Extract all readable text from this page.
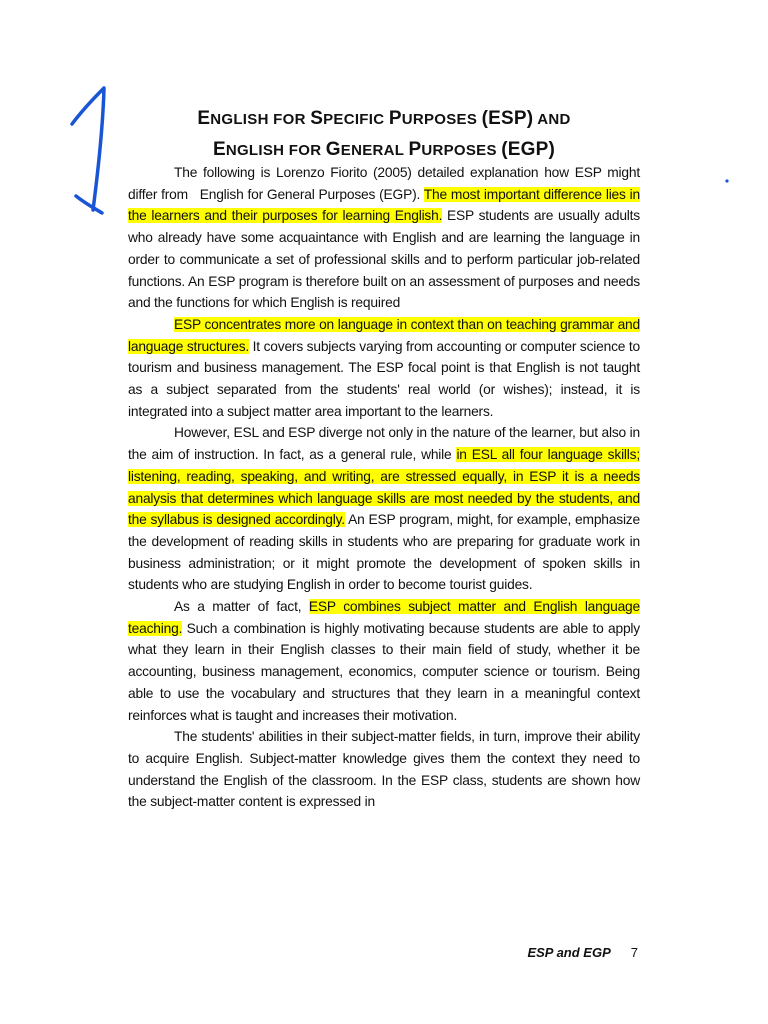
ENGLISH FOR SPECIFIC PURPOSES (ESP) AND
ENGLISH FOR GENERAL PURPOSES (EGP)

The following is Lorenzo Fiorito (2005) detailed explanation how ESP might differ from   English for General Purposes (EGP). The most important difference lies in the learners and their purposes for learning English. ESP students are usually adults who already have some acquaintance with English and are learning the language in order to communicate a set of professional skills and to perform particular job-related functions. An ESP program is therefore built on an assessment of purposes and needs and the functions for which English is required

ESP concentrates more on language in context than on teaching grammar and language structures. It covers subjects varying from accounting or computer science to tourism and business management. The ESP focal point is that English is not taught as a subject separated from the students' real world (or wishes); instead, it is integrated into a subject matter area important to the learners.

However, ESL and ESP diverge not only in the nature of the learner, but also in the aim of instruction. In fact, as a general rule, while in ESL all four language skills; listening, reading, speaking, and writing, are stressed equally, in ESP it is a needs analysis that determines which language skills are most needed by the students, and the syllabus is designed accordingly. An ESP program, might, for example, emphasize the development of reading skills in students who are preparing for graduate work in business administration; or it might promote the development of spoken skills in students who are studying English in order to become tourist guides.

As a matter of fact, ESP combines subject matter and English language teaching. Such a combination is highly motivating because students are able to apply what they learn in their English classes to their main field of study, whether it be accounting, business management, economics, computer science or tourism. Being able to use the vocabulary and structures that they learn in a meaningful context reinforces what is taught and increases their motivation.

The students' abilities in their subject-matter fields, in turn, improve their ability to acquire English. Subject-matter knowledge gives them the context they need to understand the English of the classroom. In the ESP class, students are shown how the subject-matter content is expressed in

ESP and EGP 7
